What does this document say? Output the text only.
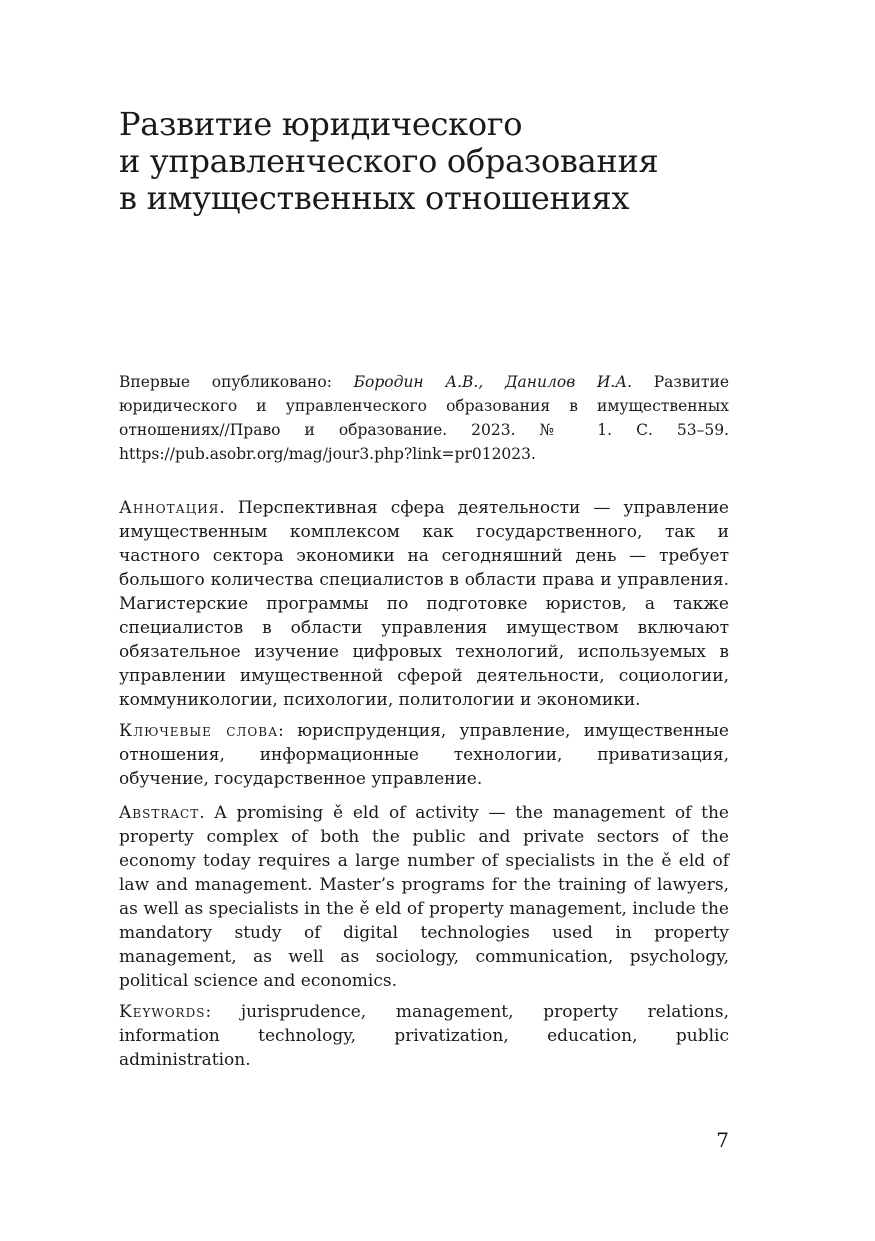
Развитие юридического
и управленческого образования
в имущественных отношениях

Впервые опубликовано: Бородин А.В., Данилов И.А. Развитие юридического и управленческого образования в имущественных отношениях//Право и образование. 2023. № 1. С. 53–59. https://pub.asobr.org/mag/jour3.php?link=pr012023.

Аннотация. Перспективная сфера деятельности — управление имущественным комплексом как государственного, так и частного сектора экономики на сегодняшний день — требует большого количества специалистов в области права и управления. Магистерские программы по подготовке юристов, а также специалистов в области управления имуществом включают обязательное изучение цифровых технологий, используемых в управлении имущественной сферой деятельности, социологии, коммуникологии, психологии, политологии и экономики.

Ключевые слова: юриспруденция, управление, имущественные отношения, информационные технологии, приватизация, обучение, государственное управление.

Abstract. A promising ě eld of activity — the management of the property complex of both the public and private sectors of the economy today requires a large number of specialists in the ě eld of law and management. Master’s programs for the training of lawyers, as well as specialists in the ě eld of property management, include the mandatory study of digital technologies used in property management, as well as sociology, communication, psychology, political science and economics.

Keywords: jurisprudence, management, property relations, information technology, privatization, education, public administration.

7
